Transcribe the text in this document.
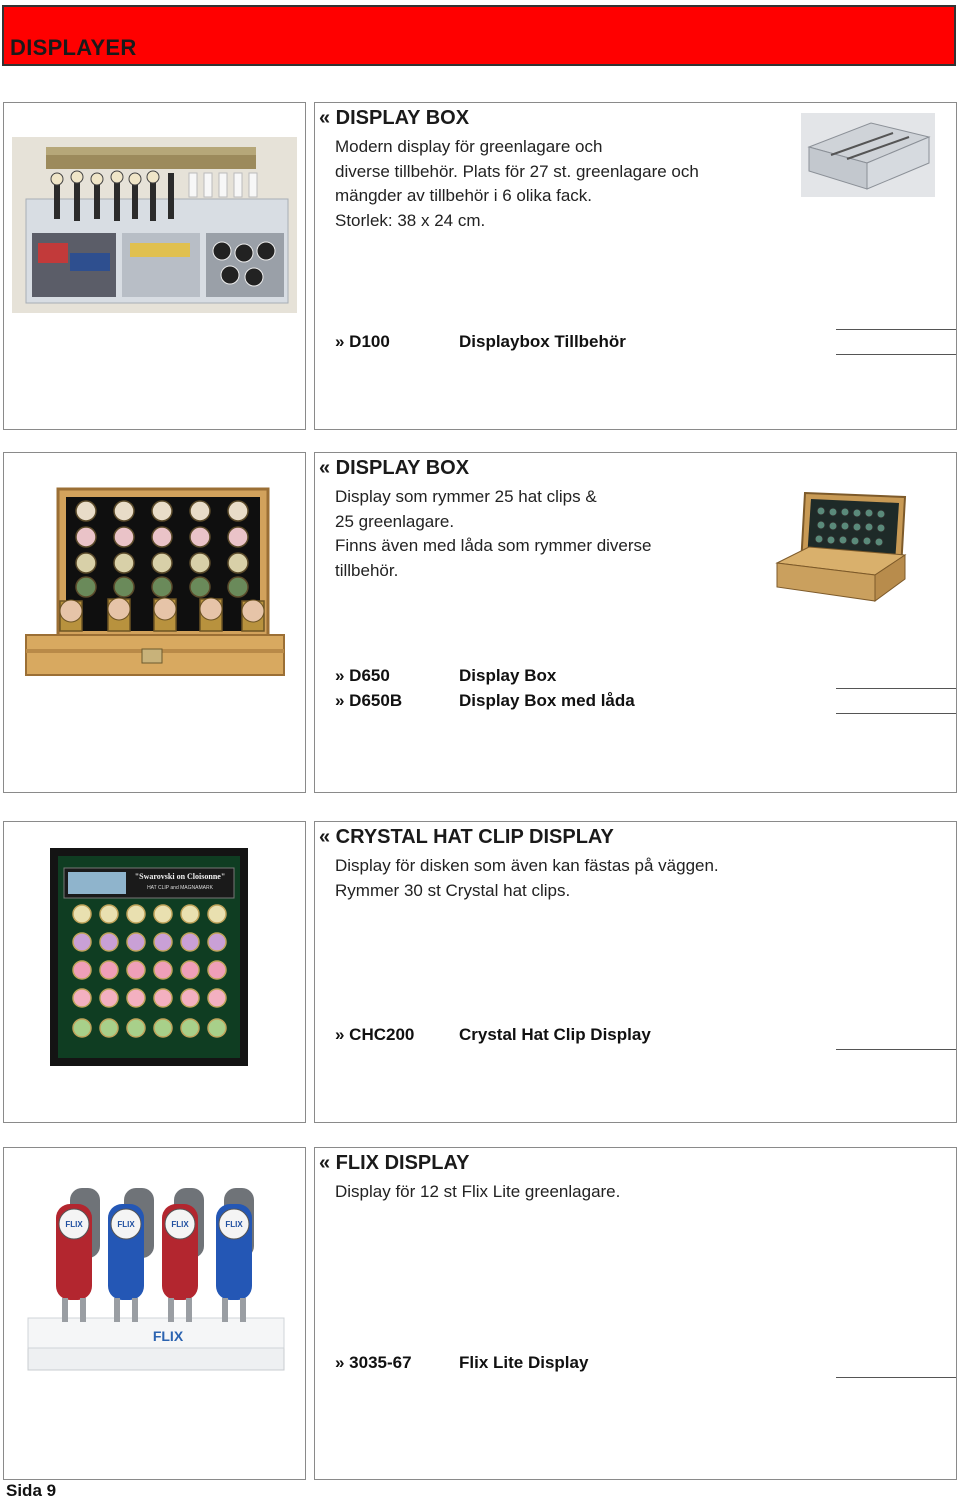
DISPLAYER
« DISPLAY BOX
Modern display för greenlagare och
diverse tillbehör. Plats för 27 st. greenlagare och
mängder av tillbehör i 6 olika fack.
Storlek: 38 x 24 cm.
» D100	Displaybox Tillbehör
« DISPLAY BOX
Display som rymmer 25 hat clips &
25 greenlagare.
Finns även med låda som rymmer diverse
tillbehör.
» D650	Display Box
» D650B	Display Box med låda
"Swarovski on Cloisonne"
HAT CLIP and MAGNAMARK
« CRYSTAL HAT CLIP DISPLAY
Display för disken som även kan fästas på väggen.
Rymmer 30 st Crystal hat clips.
» CHC200	Crystal Hat Clip Display
FLIX
FLIX	FLIX	FLIX	FLIX
« FLIX DISPLAY
Display för 12 st Flix Lite greenlagare.
» 3035-67	Flix Lite Display
Sida 9
